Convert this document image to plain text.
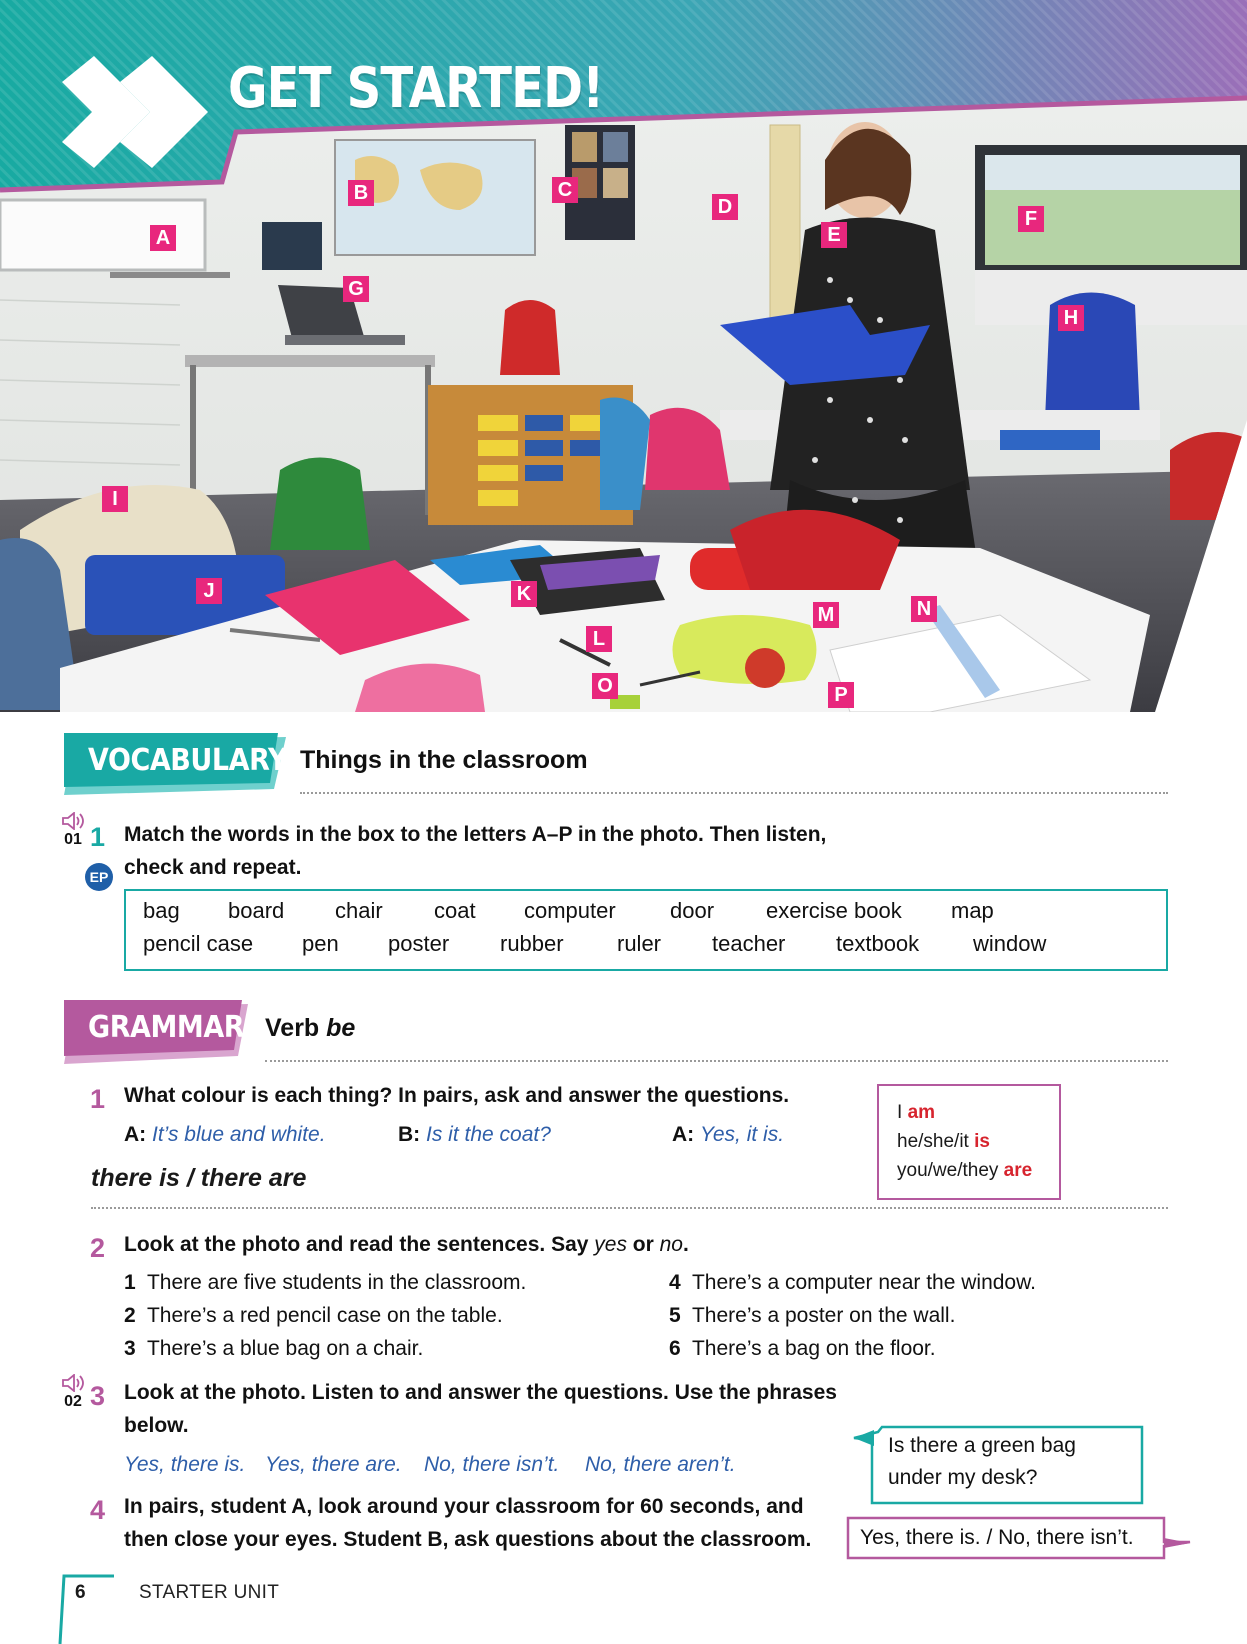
A
B	C
D
E
F
G
H
I
J	K
L
M	N
O	P
GET STARTED!
VOCABULARY Things in the classroom
01 1
EP
Match the words in the box to the letters A–P in the photo. Then listen,
check and repeat.
bag board chair coat computer door exercise book map
pencil case pen poster rubber ruler teacher textbook window
GRAMMAR Verb be
1 What colour is each thing? In pairs, ask and answer the questions.
A: It’s blue and white.	B: Is it the coat?	A: Yes, it is.
I am
he/she/it is
you/we/they are
there is / there are
2 Look at the photo and read the sentences. Say yes or no.
1 There are five students in the classroom.
2 There’s a red pencil case on the table.
3 There’s a blue bag on a chair.
4 There’s a computer near the window.
5 There’s a poster on the wall.
6 There’s a bag on the floor.
02 3 Look at the photo. Listen to and answer the questions. Use the phrases
below.
Yes, there is. Yes, there are. No, there isn’t. No, there aren’t.
Is there a green bag
under my desk?
Yes, there is. / No, there isn’t.
4 In pairs, student A, look around your classroom for 60 seconds, and
then close your eyes. Student B, ask questions about the classroom.
6	STARTER UNIT
